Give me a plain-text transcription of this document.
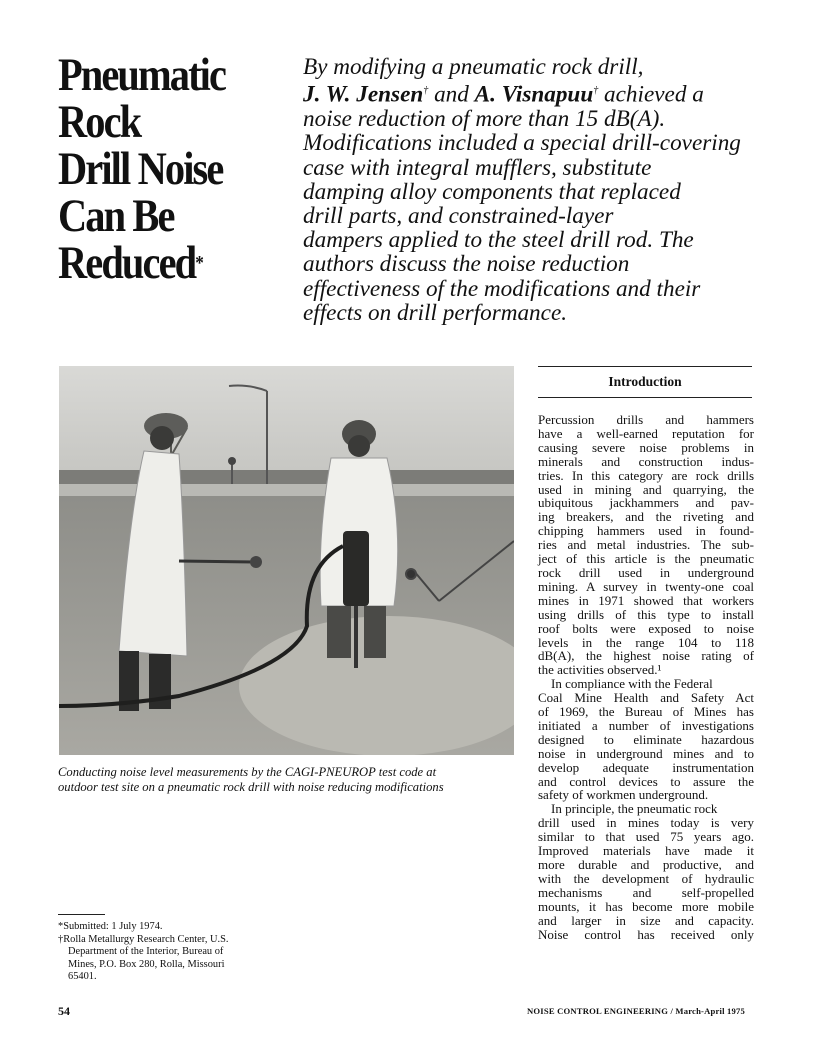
Pneumatic
Rock
Drill Noise
Can Be
Reduced*
By modifying a pneumatic rock drill,
J. W. Jensen† and A. Visnapuu† achieved a
noise reduction of more than 15 dB(A).
Modifications included a special drill-covering
case with integral mufflers, substitute
damping alloy components that replaced
drill parts, and constrained-layer
dampers applied to the steel drill rod. The
authors discuss the noise reduction
effectiveness of the modifications and their
effects on drill performance.
Conducting noise level measurements by the CAGI-PNEUROP test code at
outdoor test site on a pneumatic rock drill with noise reducing modifications
*Submitted: 1 July 1974.
†Rolla Metallurgy Research Center, U.S.
Department of the Interior, Bureau of
Mines, P.O. Box 280, Rolla, Missouri
65401.
Introduction
Percussion drills and hammers
have a well-earned reputation for
causing severe noise problems in
minerals and construction indus-
tries. In this category are rock drills
used in mining and quarrying, the
ubiquitous jackhammers and pav-
ing breakers, and the riveting and
chipping hammers used in found-
ries and metal industries. The sub-
ject of this article is the pneumatic
rock drill used in underground
mining. A survey in twenty-one coal
mines in 1971 showed that workers
using drills of this type to install
roof bolts were exposed to noise
levels in the range 104 to 118
dB(A), the highest noise rating of
the activities observed.¹
In compliance with the Federal
Coal Mine Health and Safety Act
of 1969, the Bureau of Mines has
initiated a number of investigations
designed to eliminate hazardous
noise in underground mines and to
develop adequate instrumentation
and control devices to assure the
safety of workmen underground.
In principle, the pneumatic rock
drill used in mines today is very
similar to that used 75 years ago.
Improved materials have made it
more durable and productive, and
with the development of hydraulic
mechanisms and self-propelled
mounts, it has become more mobile
and larger in size and capacity.
Noise control has received only
54	NOISE CONTROL ENGINEERING / March-April 1975
